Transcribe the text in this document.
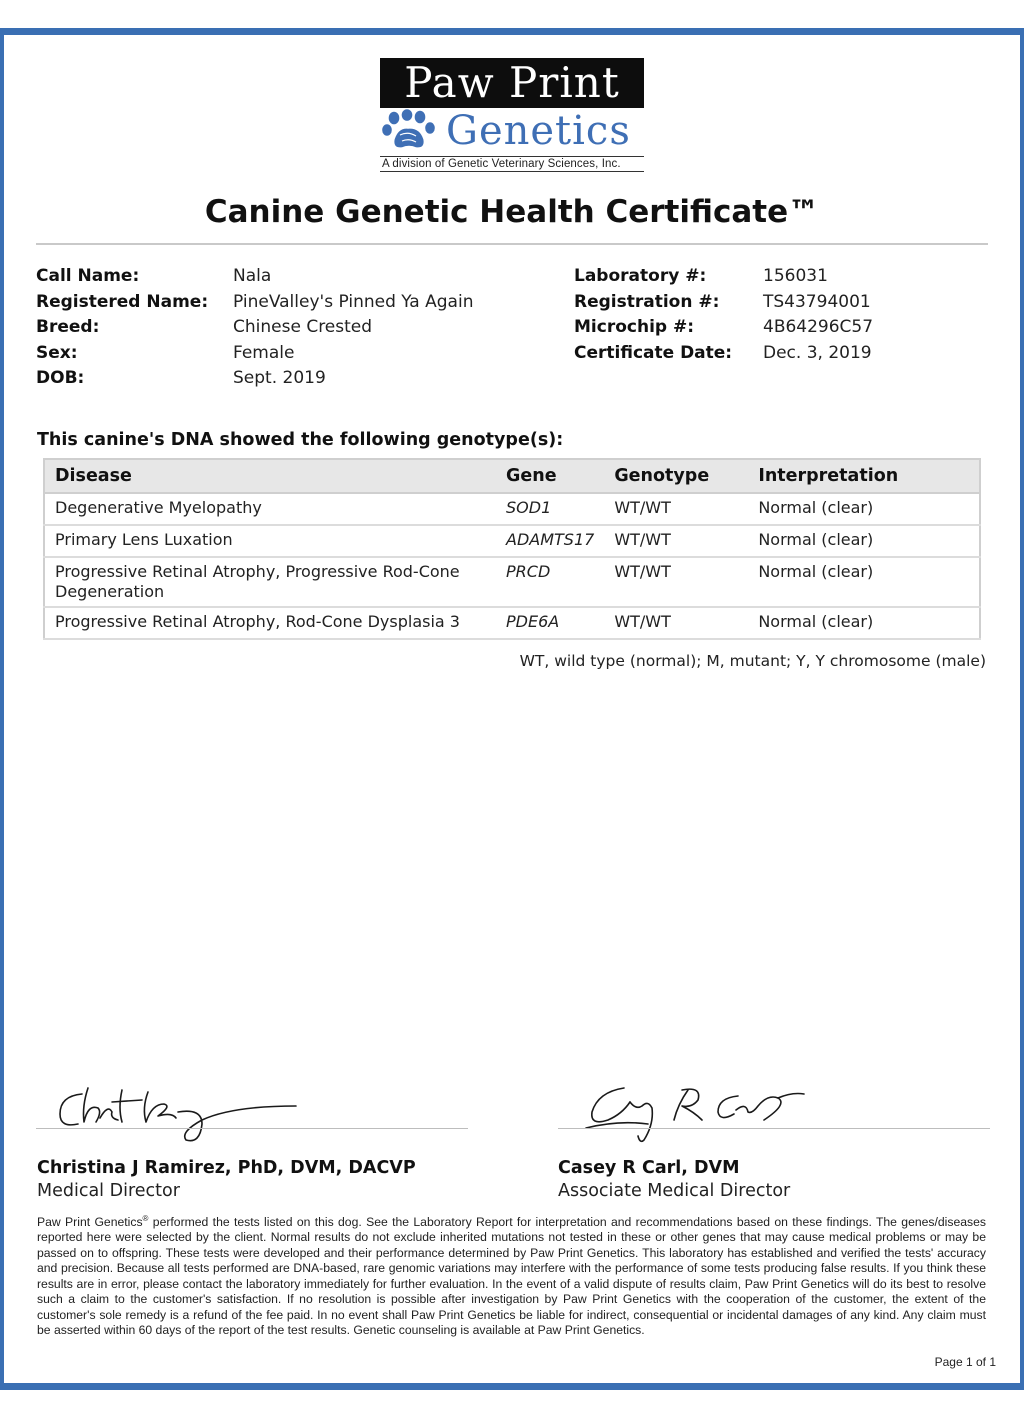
Paw Print
Genetics
A division of Genetic Veterinary Sciences, Inc.
Canine Genetic Health Certificate™
Call Name:	Nala
Registered Name:	PineValley's Pinned Ya Again
Breed:	Chinese Crested
Sex:	Female
DOB:	Sept. 2019
Laboratory #:	156031
Registration #:	TS43794001
Microchip #:	4B64296C57
Certificate Date:	Dec. 3, 2019
This canine's DNA showed the following genotype(s):
Disease	Gene	Genotype	Interpretation
Degenerative Myelopathy	SOD1	WT/WT	Normal (clear)
Primary Lens Luxation	ADAMTS17	WT/WT	Normal (clear)
Progressive Retinal Atrophy, Progressive Rod-Cone Degeneration	PRCD	WT/WT	Normal (clear)
Progressive Retinal Atrophy, Rod-Cone Dysplasia 3	PDE6A	WT/WT	Normal (clear)
WT, wild type (normal); M, mutant; Y, Y chromosome (male)
Christina J Ramirez, PhD, DVM, DACVP
Medical Director
Casey R Carl, DVM
Associate Medical Director
Paw Print Genetics® performed the tests listed on this dog. See the Laboratory Report for interpretation and recommendations based on these findings. The genes/diseases reported here were selected by the client. Normal results do not exclude inherited mutations not tested in these or other genes that may cause medical problems or may be passed on to offspring. These tests were developed and their performance determined by Paw Print Genetics. This laboratory has established and verified the tests' accuracy and precision. Because all tests performed are DNA-based, rare genomic variations may interfere with the performance of some tests producing false results. If you think these results are in error, please contact the laboratory immediately for further evaluation. In the event of a valid dispute of results claim, Paw Print Genetics will do its best to resolve such a claim to the customer's satisfaction. If no resolution is possible after investigation by Paw Print Genetics with the cooperation of the customer, the extent of the customer's sole remedy is a refund of the fee paid. In no event shall Paw Print Genetics be liable for indirect, consequential or incidental damages of any kind. Any claim must be asserted within 60 days of the report of the test results. Genetic counseling is available at Paw Print Genetics.
Page 1 of 1
